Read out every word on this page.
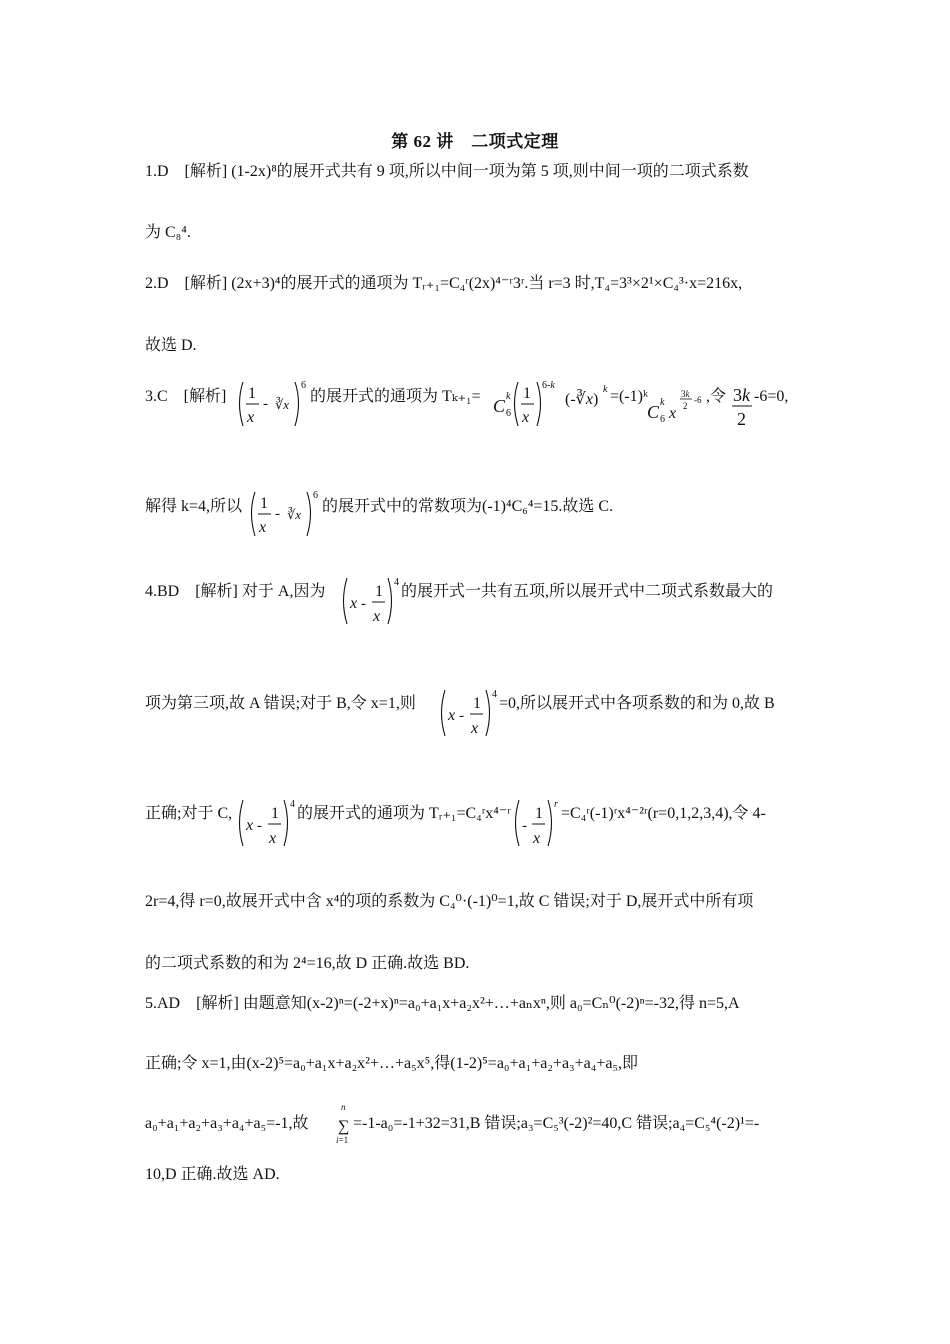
第 62 讲　二项式定理
1.D　[解析] (1-2x)⁸的展开式共有 9 项,所以中间一项为第 5 项,则中间一项的二项式系数
为 C₈⁴.
2.D　[解析] (2x+3)⁴的展开式的通项为 Tᵣ₊₁=C₄ʳ(2x)⁴⁻ʳ3ʳ.当 r=3 时,T₄=3³×2¹×C₄³·x=216x,
故选 D.
3.C　[解析] 1
x
- ∛x
6
的展开式的通项为 Tₖ₊₁= C k
6
1
x
6-k
(-∛x)
k =(-1)ᵏ
C k
6 x
3k
2
-6 ,令 3k
2
-6=0,
解得 k=4,所以 1
x
- ∛x
6
的展开式中的常数项为(-1)⁴C₆⁴=15.故选 C.
4.BD　[解析] 对于 A,因为
x -
1
x
4
的展开式一共有五项,所以展开式中二项式系数最大的
项为第三项,故 A 错误;对于 B,令 x=1,则
x -
1
x
4
=0,所以展开式中各项系数的和为 0,故 B
正确;对于 C,
x -
1
x
4
的展开式的通项为 Tᵣ₊₁=C₄ʳx⁴⁻ʳ
-
1
x
r
=C₄ʳ(-1)ʳx⁴⁻²ʳ(r=0,1,2,3,4),令 4-
2r=4,得 r=0,故展开式中含 x⁴的项的系数为 C₄⁰·(-1)⁰=1,故 C 错误;对于 D,展开式中所有项
的二项式系数的和为 2⁴=16,故 D 正确.故选 BD.
5.AD　[解析] 由题意知(x-2)ⁿ=(-2+x)ⁿ=a₀+a₁x+a₂x²+…+aₙxⁿ,则 a₀=Cₙ⁰(-2)ⁿ=-32,得 n=5,A
正确;令 x=1,由(x-2)⁵=a₀+a₁x+a₂x²+…+a₅x⁵,得(1-2)⁵=a₀+a₁+a₂+a₃+a₄+a₅,即
a₀+a₁+a₂+a₃+a₄+a₅=-1,故
n
∑
i=1
=-1-a₀=-1+32=31,B 错误;a₃=C₅³(-2)²=40,C 错误;a₄=C₅⁴(-2)¹=-
10,D 正确.故选 AD.
